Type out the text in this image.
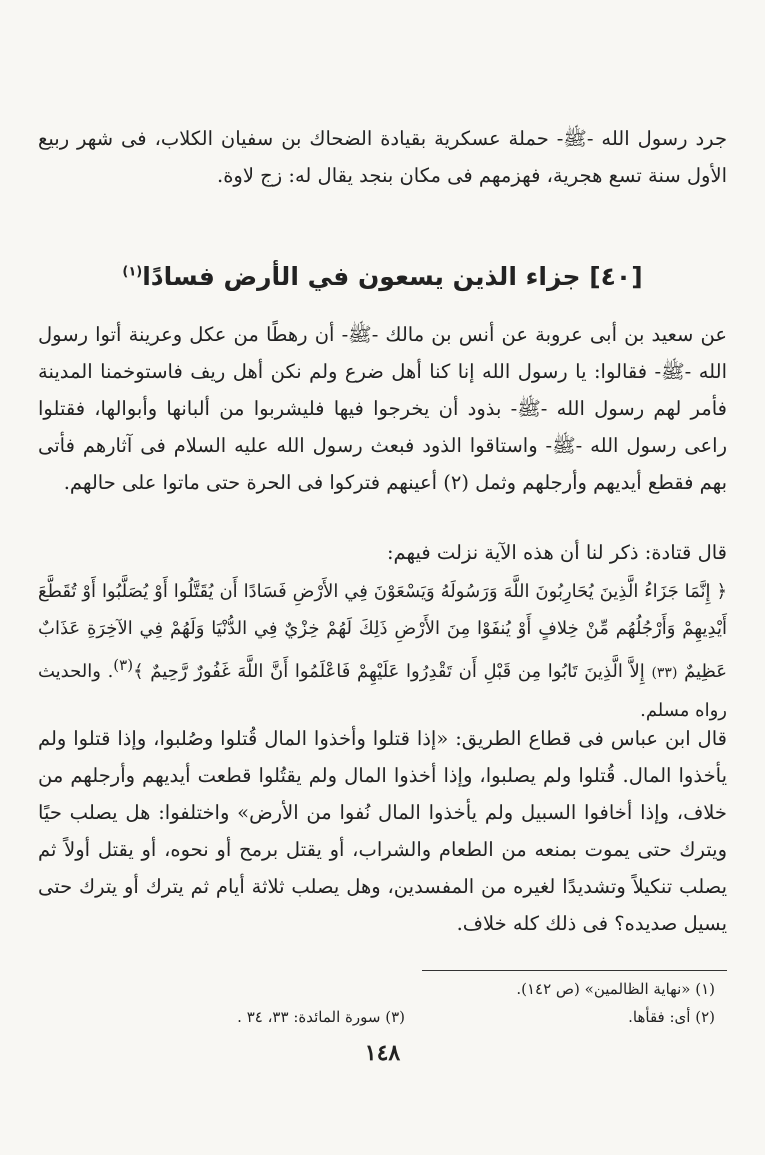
جرد رسول الله -ﷺ- حملة عسكرية بقيادة الضحاك بن سفيان الكلاب، فى شهر ربيع الأول سنة تسع هجرية، فهزمهم فى مكان بنجد يقال له: زج لاوة.

[٤٠] جزاء الذين يسعون في الأرض فسادًا$^{(١)}$

عن سعيد بن أبى عروبة عن أنس بن مالك -ﷺ- أن رهطًا من عكل وعرينة أتوا رسول الله -ﷺ- فقالوا: يا رسول الله إنا كنا أهل ضرع ولم نكن أهل ريف فاستوخمنا المدينة فأمر لهم رسول الله -ﷺ- بذود أن يخرجوا فيها فليشربوا من ألبانها وأبوالها، فقتلوا راعى رسول الله -ﷺ- واستاقوا الذود فبعث رسول الله عليه السلام فى آثارهم فأتى بهم فقطع أيديهم وأرجلهم وثمل (٢) أعينهم فتركوا فى الحرة حتى ماتوا على حالهم.

قال قتادة: ذكر لنا أن هذه الآية نزلت فيهم:

﴿ إِنَّمَا جَزَاءُ الَّذِينَ يُحَارِبُونَ اللَّهَ وَرَسُولَهُ وَيَسْعَوْنَ فِي الأَرْضِ فَسَادًا أَن يُقَتَّلُوا أَوْ يُصَلَّبُوا أَوْ تُقَطَّعَ أَيْدِيهِمْ وَأَرْجُلُهُم مِّنْ خِلافٍ أَوْ يُنفَوْا مِنَ الأَرْضِ ذَلِكَ لَهُمْ خِزْيٌ فِي الدُّنْيَا وَلَهُمْ فِي الآخِرَةِ عَذَابٌ عَظِيمٌ (٣٣) إِلاَّ الَّذِينَ تَابُوا مِن قَبْلِ أَن تَقْدِرُوا عَلَيْهِمْ فَاعْلَمُوا أَنَّ اللَّهَ غَفُورٌ رَّحِيمٌ ﴾$^{(٣)}$. والحديث رواه مسلم.

قال ابن عباس فى قطاع الطريق: «إذا قتلوا وأخذوا المال قُتلوا وصُلبوا، وإذا قتلوا ولم يأخذوا المال. قُتلوا ولم يصلبوا، وإذا أخذوا المال ولم يقتُلوا قطعت أيديهم وأرجلهم من خلاف، وإذا أخافوا السبيل ولم يأخذوا المال نُفوا من الأرض» واختلفوا: هل يصلب حيًا ويترك حتى يموت بمنعه من الطعام والشراب، أو يقتل برمح أو نحوه، أو يقتل أولاً ثم يصلب تنكيلاً وتشديدًا لغيره من المفسدين، وهل يصلب ثلاثة أيام ثم يترك أو يترك حتى يسيل صديده؟ فى ذلك كله خلاف.

(١) «نهاية الظالمين» (ص ١٤٢).
(٢) أى: فقأها.
(٣) سورة المائدة: ٣٣، ٣٤ .
١٤٨
